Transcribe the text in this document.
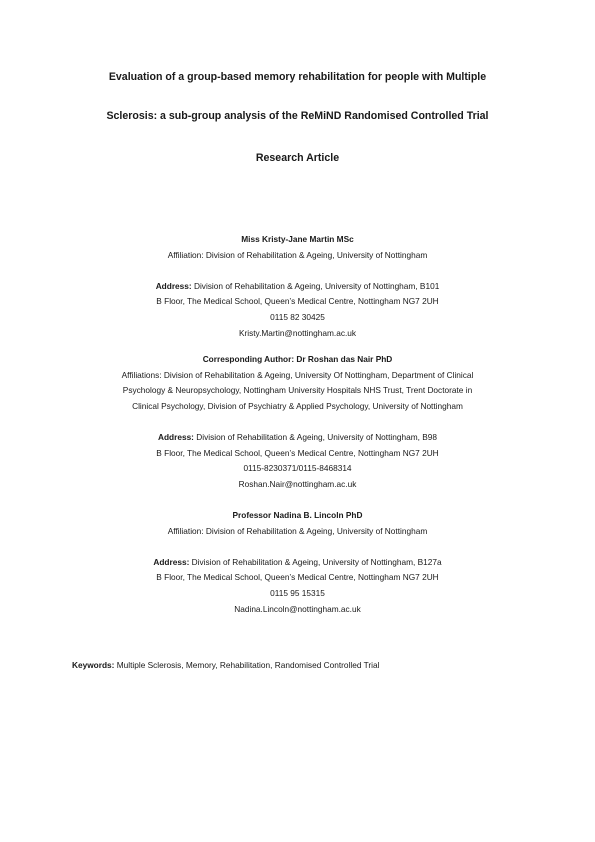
Evaluation of a group-based memory rehabilitation for people with Multiple
Sclerosis: a sub-group analysis of the ReMiND Randomised Controlled Trial
Research Article
Miss Kristy-Jane Martin MSc
Affiliation: Division of Rehabilitation & Ageing, University of Nottingham
Address: Division of Rehabilitation & Ageing, University of Nottingham, B101
B Floor, The Medical School, Queen’s Medical Centre, Nottingham NG7 2UH
0115 82 30425
Kristy.Martin@nottingham.ac.uk
Corresponding Author: Dr Roshan das Nair PhD
Affiliations: Division of Rehabilitation & Ageing, University Of Nottingham, Department of Clinical
Psychology & Neuropsychology, Nottingham University Hospitals NHS Trust, Trent Doctorate in
Clinical Psychology, Division of Psychiatry & Applied Psychology, University of Nottingham
Address: Division of Rehabilitation & Ageing, University of Nottingham, B98
B Floor, The Medical School, Queen’s Medical Centre, Nottingham NG7 2UH
0115-8230371/0115-8468314
Roshan.Nair@nottingham.ac.uk
Professor Nadina B. Lincoln PhD
Affiliation: Division of Rehabilitation & Ageing, University of Nottingham
Address: Division of Rehabilitation & Ageing, University of Nottingham, B127a
B Floor, The Medical School, Queen’s Medical Centre, Nottingham NG7 2UH
0115 95 15315
Nadina.Lincoln@nottingham.ac.uk
Keywords: Multiple Sclerosis, Memory, Rehabilitation, Randomised Controlled Trial
